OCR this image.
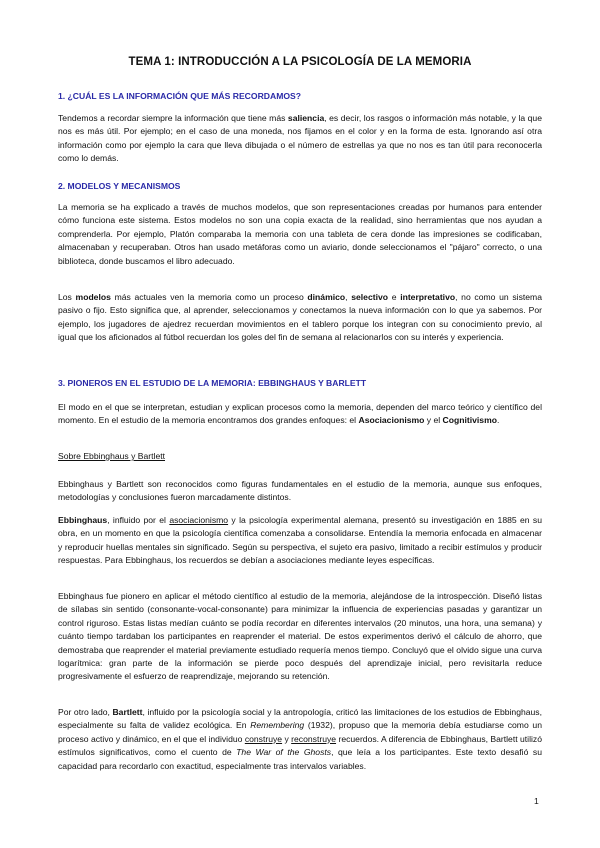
TEMA 1: INTRODUCCIÓN A LA PSICOLOGÍA DE LA MEMORIA
1. ¿CUÁL ES LA INFORMACIÓN QUE MÁS RECORDAMOS?

Tendemos a recordar siempre la información que tiene más saliencia, es decir, los rasgos o información más notable, y la que nos es más útil. Por ejemplo; en el caso de una moneda, nos fijamos en el color y en la forma de esta. Ignorando así otra información como por ejemplo la cara que lleva dibujada o el número de estrellas ya que no nos es tan útil para reconocerla como lo demás.

2. MODELOS Y MECANISMOS

La memoria se ha explicado a través de muchos modelos, que son representaciones creadas por humanos para entender cómo funciona este sistema. Estos modelos no son una copia exacta de la realidad, sino herramientas que nos ayudan a comprenderla. Por ejemplo, Platón comparaba la memoria con una tableta de cera donde las impresiones se codificaban, almacenaban y recuperaban. Otros han usado metáforas como un aviario, donde seleccionamos el "pájaro" correcto, o una biblioteca, donde buscamos el libro adecuado.

Los modelos más actuales ven la memoria como un proceso dinámico, selectivo e interpretativo, no como un sistema pasivo o fijo. Esto significa que, al aprender, seleccionamos y conectamos la nueva información con lo que ya sabemos. Por ejemplo, los jugadores de ajedrez recuerdan movimientos en el tablero porque los integran con su conocimiento previo, al igual que los aficionados al fútbol recuerdan los goles del fin de semana al relacionarlos con su interés y experiencia.

3. PIONEROS EN EL ESTUDIO DE LA MEMORIA: EBBINGHAUS Y BARLETT

El modo en el que se interpretan, estudian y explican procesos como la memoria, dependen del marco teórico y científico del momento. En el estudio de la memoria encontramos dos grandes enfoques: el Asociacionismo y el Cognitivismo.

Sobre Ebbinghaus y Bartlett

Ebbinghaus y Bartlett son reconocidos como figuras fundamentales en el estudio de la memoria, aunque sus enfoques, metodologías y conclusiones fueron marcadamente distintos.

Ebbinghaus, influido por el asociacionismo y la psicología experimental alemana, presentó su investigación en 1885 en su obra, en un momento en que la psicología científica comenzaba a consolidarse. Entendía la memoria enfocada en almacenar y reproducir huellas mentales sin significado. Según su perspectiva, el sujeto era pasivo, limitado a recibir estímulos y producir respuestas. Para Ebbinghaus, los recuerdos se debían a asociaciones mediante leyes específicas.

Ebbinghaus fue pionero en aplicar el método científico al estudio de la memoria, alejándose de la introspección. Diseñó listas de sílabas sin sentido (consonante-vocal-consonante) para minimizar la influencia de experiencias pasadas y garantizar un control riguroso. Estas listas medían cuánto se podía recordar en diferentes intervalos (20 minutos, una hora, una semana) y cuánto tiempo tardaban los participantes en reaprender el material. De estos experimentos derivó el cálculo de ahorro, que demostraba que reaprender el material previamente estudiado requería menos tiempo. Concluyó que el olvido sigue una curva logarítmica: gran parte de la información se pierde poco después del aprendizaje inicial, pero revisitarla reduce progresivamente el esfuerzo de reaprendizaje, mejorando su retención.

Por otro lado, Bartlett, influido por la psicología social y la antropología, criticó las limitaciones de los estudios de Ebbinghaus, especialmente su falta de validez ecológica. En Remembering (1932), propuso que la memoria debía estudiarse como un proceso activo y dinámico, en el que el individuo construye y reconstruye recuerdos. A diferencia de Ebbinghaus, Bartlett utilizó estímulos significativos, como el cuento de The War of the Ghosts, que leía a los participantes. Este texto desafió su capacidad para recordarlo con exactitud, especialmente tras intervalos variables.

1
